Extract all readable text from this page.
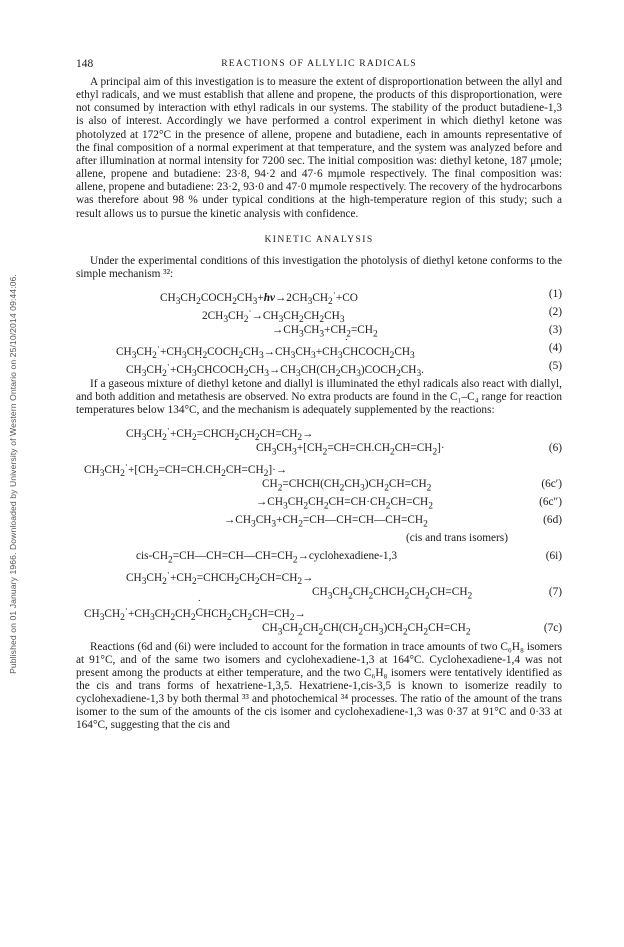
Published on 01 January 1966. Downloaded by University of Western Ontario on 25/10/2014 09:44:06.
148	REACTIONS OF ALLYLIC RADICALS

A principal aim of this investigation is to measure the extent of disproportionation between the allyl and ethyl radicals, and we must establish that allene and propene, the products of this disproportionation, were not consumed by interaction with ethyl radicals in our systems. The stability of the product butadiene-1,3 is also of interest. Accordingly we have performed a control experiment in which diethyl ketone was photolyzed at 172°C in the presence of allene, propene and butadiene, each in amounts representative of the final composition of a normal experiment at that temperature, and the system was analyzed before and after illumination at normal intensity for 7200 sec. The initial composition was: diethyl ketone, 187 μmole; allene, propene and butadiene: 23·8, 94·2 and 47·6 mμmole respectively. The final composition was: allene, propene and butadiene: 23·2, 93·0 and 47·0 mμmole respectively. The recovery of the hydrocarbons was therefore about 98 % under typical conditions at the high-temperature region of this study; such a result allows us to pursue the kinetic analysis with confidence.

KINETIC ANALYSIS

Under the experimental conditions of this investigation the photolysis of diethyl ketone conforms to the simple mechanism ³²:

$CH_3CH_2COCH_2CH_3+h\nu\to 2CH_3CH_2^\cdot+CO$	(1)
$2CH_3CH_2^\cdot\to CH_3CH_2CH_2CH_3$
(2)
$\to CH_3CH_3+CH_2=CH_2$	(3)
$CH_3CH_2^\cdot+CH_3CH_2COCH_2CH_3\to CH_3CH_3+CH_3C$ $˙HCOCH_2CH_3$
(4)
$CH_3CH_2^\cdot+CH_3C$ $˙HCOCH_2CH_3\to CH_3CH(CH_2CH_3)COCH_2CH_3$.	(5)

If a gaseous mixture of diethyl ketone and diallyl is illuminated the ethyl radicals also react with diallyl, and both addition and metathesis are observed. No extra products are found in the C₁–C₄ range for reaction temperatures below 134°C, and the mechanism is adequately supplemented by the reactions:

$CH_3CH_2^\cdot+CH_2=CHCH_2CH_2CH=CH_2\to$
$CH_3CH_3+[CH_2=CH=CH.CH_2CH=CH_2]\cdot$	(6)
$CH_3CH_2^\cdot+[CH_2=CH=CH.CH_2CH=CH_2]\cdot\to$
$CH_2=CHCH(CH_2CH_3)CH_2CH=CH_2$	(6c′)
$\to CH_3CH_2CH_2CH=CH\cdot CH_2CH=CH_2$	(6c″)
$\to CH_3CH_3+CH_2=CH—CH=CH—CH=CH_2$	(6d)
(cis and trans isomers)
cis-$CH_2=CH—CH=CH—CH=CH_2\to cyclohexadiene-1,3$	(6i)
$CH_3CH_2^\cdot+CH_2=CHCH_2CH_2CH=CH_2\to$
$CH_3CH_2CH_2CHCH_2CH_2CH=CH_2$	(7)
$CH_3CH_2^\cdot+CH_3CH_2CH_2C$ $˙HCH_2CH_2CH=CH_2\to$
$CH_3CH_2CH_2CH(CH_2CH_3)CH_2CH_2CH=CH_2$	(7c)

Reactions (6d and (6i) were included to account for the formation in trace amounts of two C₆H₈ isomers at 91°C, and of the same two isomers and cyclohexadiene-1,3 at 164°C. Cyclohexadiene-1,4 was not present among the products at either temperature, and the two C₆H₈ isomers were tentatively identified as the cis and trans forms of hexatriene-1,3,5. Hexatriene-1,cis-3,5 is known to isomerize readily to cyclohexadiene-1,3 by both thermal ³³ and photochemical ³⁴ processes. The ratio of the amount of the trans isomer to the sum of the amounts of the cis isomer and cyclohexadiene-1,3 was 0·37 at 91°C and 0·33 at 164°C, suggesting that the cis and
